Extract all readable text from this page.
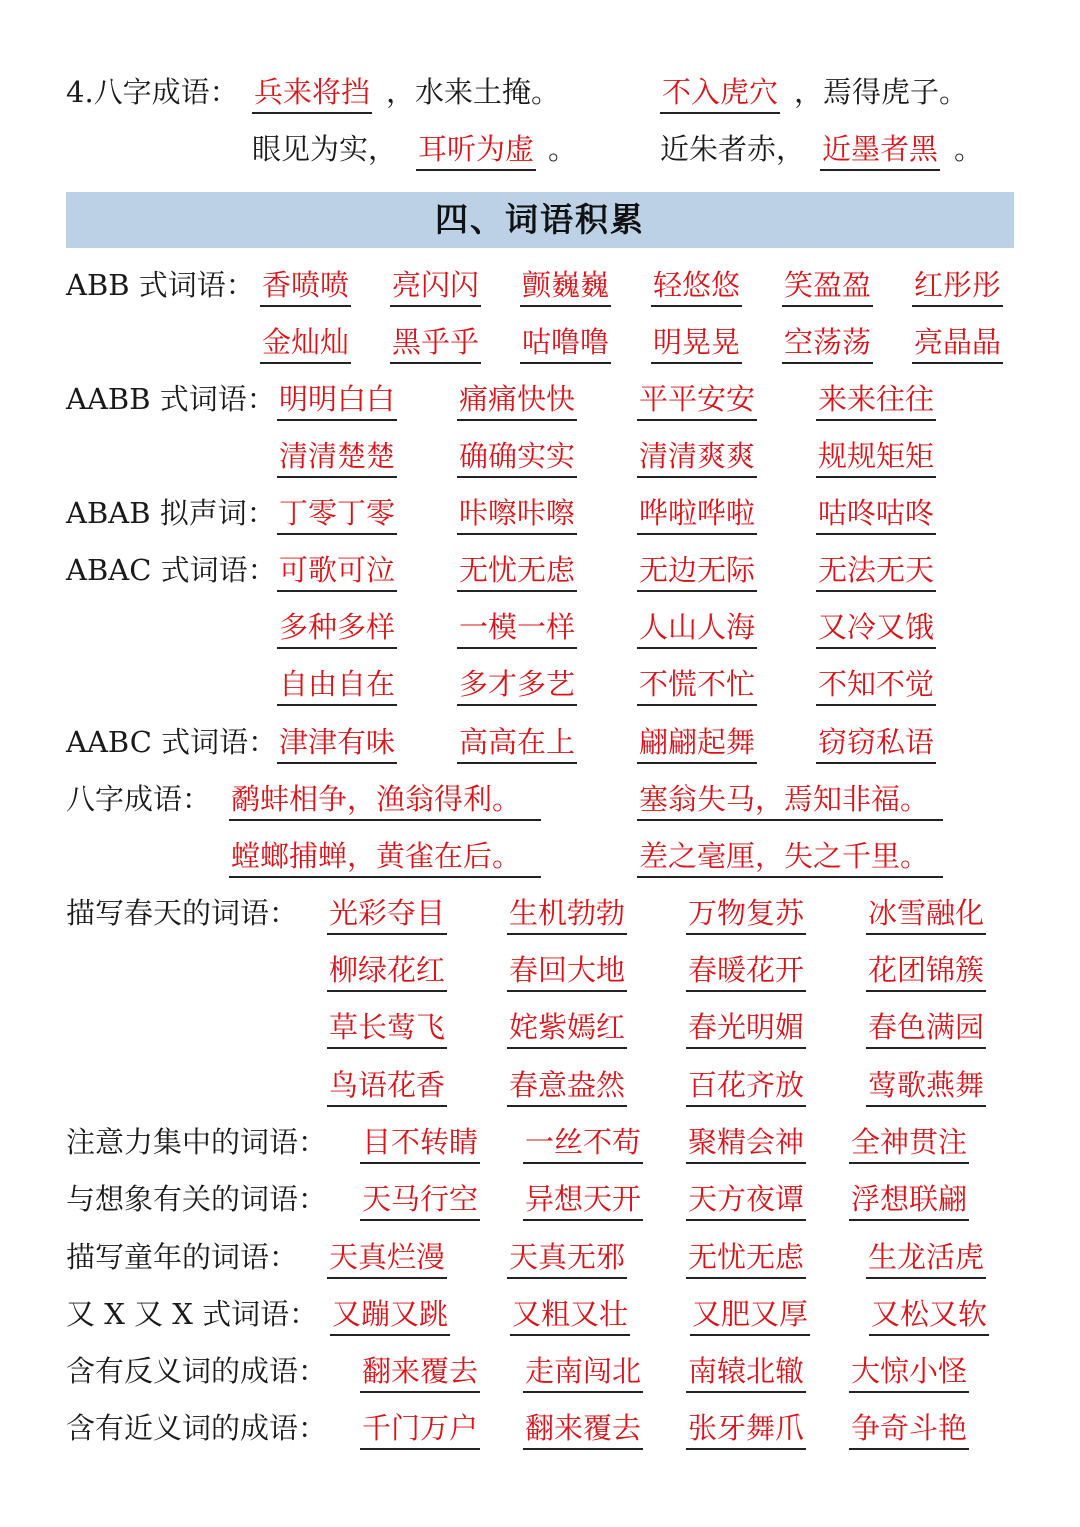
4.八字成语： 兵来将挡 ，水来土掩。	不入虎穴 ，焉得虎子。
眼见为实， 耳听为虚 。	近朱者赤， 近墨者黑 。
四、词语积累
ABB 式词语： 香喷喷 亮闪闪 颤巍巍 轻悠悠 笑盈盈 红彤彤
金灿灿 黑乎乎 咕噜噜 明晃晃 空荡荡 亮晶晶
AABB 式词语： 明明白白 痛痛快快 平平安安 来来往往
清清楚楚 确确实实 清清爽爽 规规矩矩
ABAB 拟声词： 丁零丁零 咔嚓咔嚓 哗啦哗啦 咕咚咕咚
ABAC 式词语： 可歌可泣 无忧无虑 无边无际 无法无天
多种多样 一模一样 人山人海 又冷又饿
自由自在 多才多艺 不慌不忙 不知不觉
AABC 式词语： 津津有味 高高在上 翩翩起舞 窃窃私语
八字成语： 鹬蚌相争，渔翁得利。	塞翁失马，焉知非福。
螳螂捕蝉，黄雀在后。	差之毫厘，失之千里。
描写春天的词语： 光彩夺目 生机勃勃 万物复苏 冰雪融化
柳绿花红 春回大地 春暖花开 花团锦簇
草长莺飞 姹紫嫣红 春光明媚 春色满园
鸟语花香 春意盎然 百花齐放 莺歌燕舞
注意力集中的词语： 目不转睛 一丝不苟 聚精会神 全神贯注
与想象有关的词语： 天马行空 异想天开 天方夜谭 浮想联翩
描写童年的词语： 天真烂漫 天真无邪 无忧无虑 生龙活虎
又 X 又 X 式词语： 又蹦又跳 又粗又壮 又肥又厚 又松又软
含有反义词的成语： 翻来覆去 走南闯北 南辕北辙 大惊小怪
含有近义词的成语： 千门万户 翻来覆去 张牙舞爪 争奇斗艳
